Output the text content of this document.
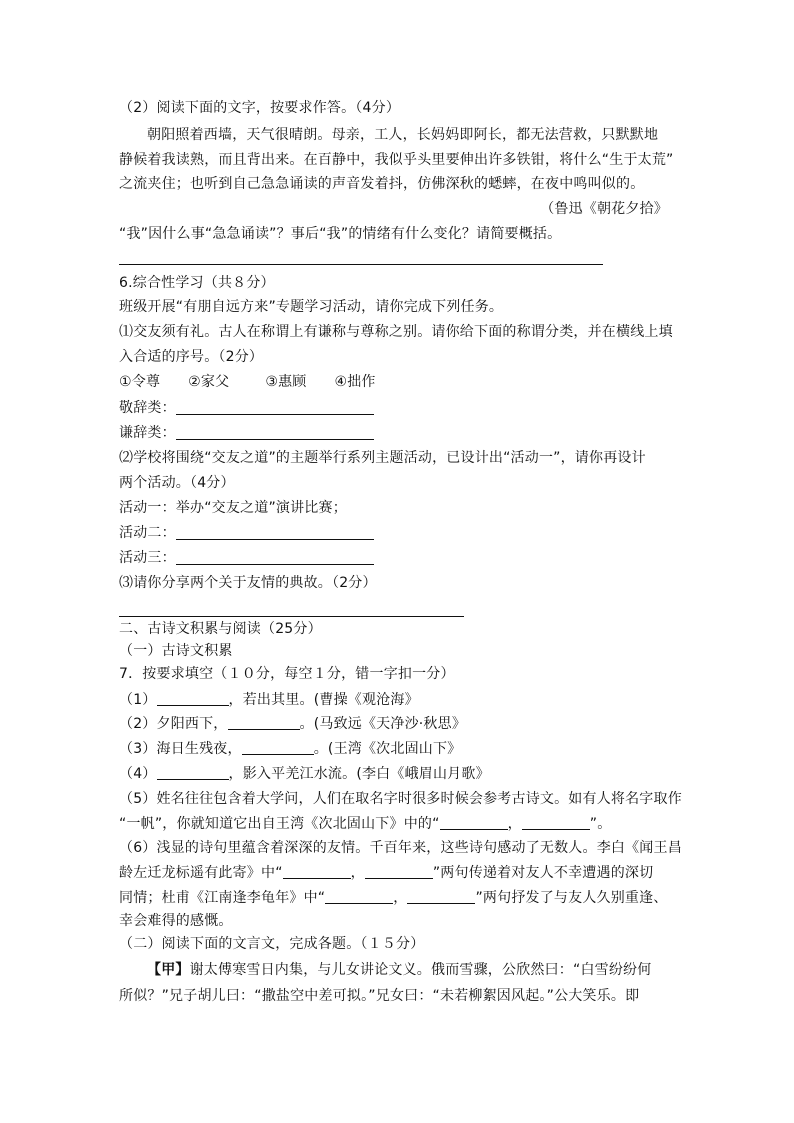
（2）阅读下面的文字，按要求作答。（4分）
朝阳照着西墙，天气很晴朗。母亲，工人，长妈妈即阿长，都无法营救，只默默地
静候着我读熟，而且背出来。在百静中，我似乎头里要伸出许多铁钳，将什么“生于太荒”
之流夹住；也听到自己急急诵读的声音发着抖，仿佛深秋的蟋蟀，在夜中鸣叫似的。
（鲁迅《朝花夕拾》
“我”因什么事“急急诵读”？事后“我”的情绪有什么变化？请简要概括。
6.综合性学习（共８分）
班级开展“有朋自远方来”专题学习活动，请你完成下列任务。
⑴交友须有礼。古人在称谓上有谦称与尊称之别。请你给下面的称谓分类，并在横线上填
入合适的序号。（2分）
①令尊 ②家父	③惠顾 ④拙作
敬辞类：
谦辞类：
⑵学校将围绕“交友之道”的主题举行系列主题活动，已设计出“活动一”，请你再设计
两个活动。（4分）
活动一：举办“交友之道”演讲比赛；
活动二：
活动三：
⑶请你分享两个关于友情的典故。（2分）
二、古诗文积累与阅读（25分）
（一）古诗文积累
7．按要求填空（１０分，每空１分，错一字扣一分）
（1）	，若出其里。(曹操《观沧海》
（2）夕阳西下，	。(马致远《天净沙·秋思》
（3）海日生残夜，	。(王湾《次北固山下》
（4）	，影入平羌江水流。(李白《峨眉山月歌》
（5）姓名往往包含着大学问，人们在取名字时很多时候会参考古诗文。如有人将名字取作
“一帆”，你就知道它出自王湾《次北固山下》中的“	，	”。
（6）浅显的诗句里蕴含着深深的友情。千百年来，这些诗句感动了无数人。李白《闻王昌
龄左迁龙标遥有此寄》中“	，	”两句传递着对友人不幸遭遇的深切
同情；杜甫《江南逢李龟年》中“	，	”两句抒发了与友人久别重逢、
幸会难得的感慨。
（二）阅读下面的文言文，完成各题。（１５分）
【甲】谢太傅寒雪日内集，与儿女讲论文义。俄而雪骤，公欣然曰：“白雪纷纷何
所似？”兄子胡儿曰：“撒盐空中差可拟。”兄女曰：“未若柳絮因风起。”公大笑乐。即
